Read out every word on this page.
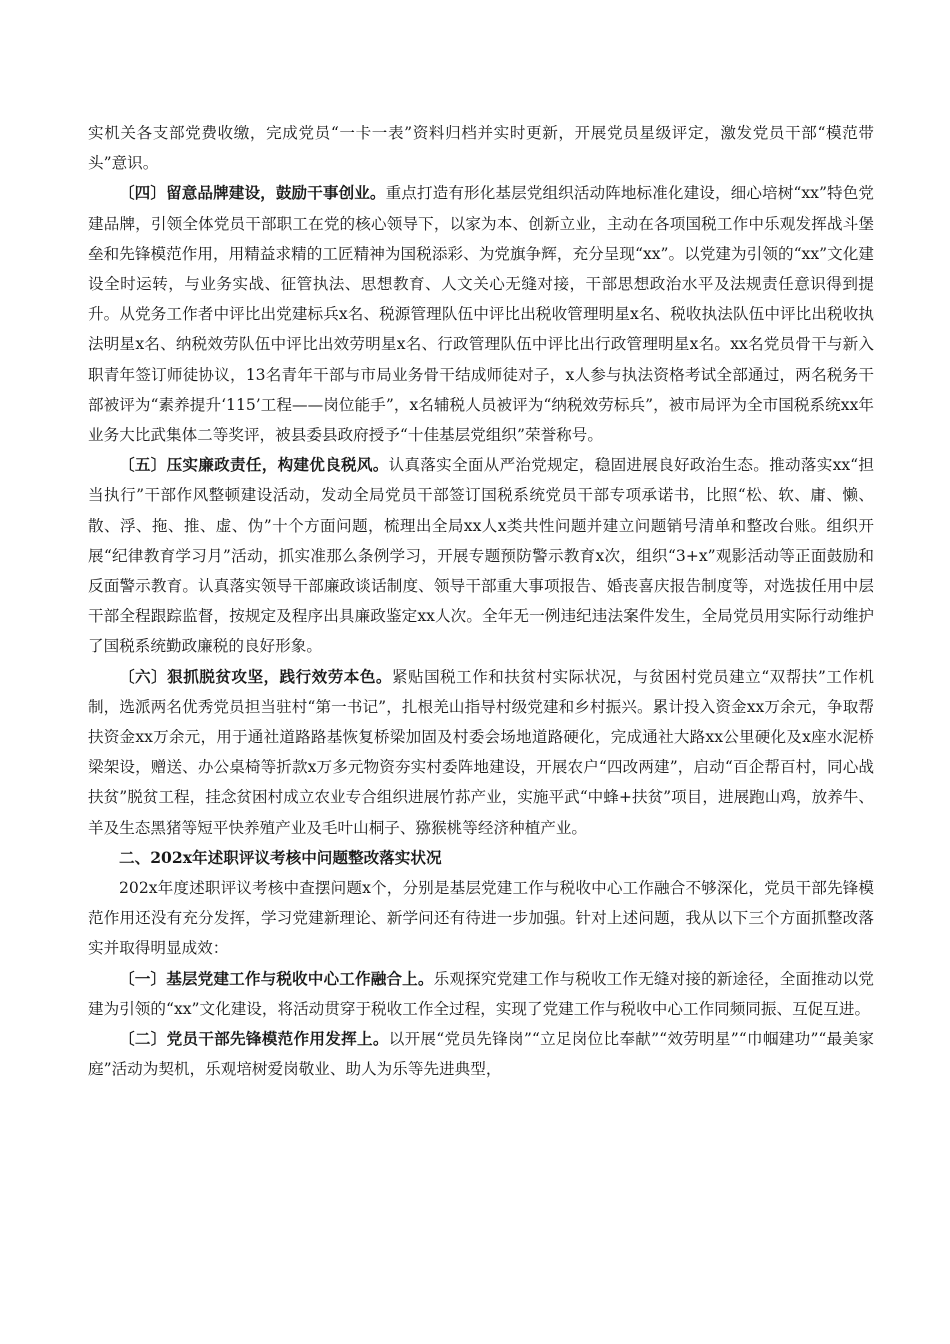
实机关各支部党费收缴，完成党员“一卡一表”资料归档并实时更新，开展党员星级评定，激发党员干部“模范带头”意识。

〔四〕留意品牌建设，鼓励干事创业。重点打造有形化基层党组织活动阵地标准化建设，细心培树“xx”特色党建品牌，引领全体党员干部职工在党的核心领导下，以家为本、创新立业，主动在各项国税工作中乐观发挥战斗堡垒和先锋模范作用，用精益求精的工匠精神为国税添彩、为党旗争辉，充分呈现“xx”。以党建为引领的“xx”文化建设全时运转，与业务实战、征管执法、思想教育、人文关心无缝对接，干部思想政治水平及法规责任意识得到提升。从党务工作者中评比出党建标兵x名、税源管理队伍中评比出税收管理明星x名、税收执法队伍中评比出税收执法明星x名、纳税效劳队伍中评比出效劳明星x名、行政管理队伍中评比出行政管理明星x名。xx名党员骨干与新入职青年签订师徒协议，13名青年干部与市局业务骨干结成师徒对子，x人参与执法资格考试全部通过，两名税务干部被评为“素养提升‘115’工程——岗位能手”，x名辅税人员被评为“纳税效劳标兵”，被市局评为全市国税系统xx年业务大比武集体二等奖评，被县委县政府授予“十佳基层党组织”荣誉称号。

〔五〕压实廉政责任，构建优良税风。认真落实全面从严治党规定，稳固进展良好政治生态。推动落实xx“担当执行”干部作风整顿建设活动，发动全局党员干部签订国税系统党员干部专项承诺书，比照“松、软、庸、懒、散、浮、拖、推、虚、伪”十个方面问题，梳理出全局xx人x类共性问题并建立问题销号清单和整改台账。组织开展“纪律教育学习月”活动，抓实准那么条例学习，开展专题预防警示教育x次，组织“3+x”观影活动等正面鼓励和反面警示教育。认真落实领导干部廉政谈话制度、领导干部重大事项报告、婚丧喜庆报告制度等，对选拔任用中层干部全程跟踪监督，按规定及程序出具廉政鉴定xx人次。全年无一例违纪违法案件发生，全局党员用实际行动维护了国税系统勤政廉税的良好形象。

〔六〕狠抓脱贫攻坚，践行效劳本色。紧贴国税工作和扶贫村实际状况，与贫困村党员建立“双帮扶”工作机制，选派两名优秀党员担当驻村“第一书记”，扎根羌山指导村级党建和乡村振兴。累计投入资金xx万余元，争取帮扶资金xx万余元，用于通社道路路基恢复桥梁加固及村委会场地道路硬化，完成通社大路xx公里硬化及x座水泥桥梁架设，赠送、办公桌椅等折款x万多元物资夯实村委阵地建设，开展农户“四改两建”，启动“百企帮百村，同心战扶贫”脱贫工程，挂念贫困村成立农业专合组织进展竹荪产业，实施平武“中蜂+扶贫”项目，进展跑山鸡，放养牛、羊及生态黑猪等短平快养殖产业及毛叶山桐子、猕猴桃等经济种植产业。

二、202x年述职评议考核中问题整改落实状况

202x年度述职评议考核中查摆问题x个，分别是基层党建工作与税收中心工作融合不够深化，党员干部先锋模范作用还没有充分发挥，学习党建新理论、新学问还有待进一步加强。针对上述问题，我从以下三个方面抓整改落实并取得明显成效：

〔一〕基层党建工作与税收中心工作融合上。乐观探究党建工作与税收工作无缝对接的新途径，全面推动以党建为引领的“xx”文化建设，将活动贯穿于税收工作全过程，实现了党建工作与税收中心工作同频同振、互促互进。

〔二〕党员干部先锋模范作用发挥上。以开展“党员先锋岗”“立足岗位比奉献”“效劳明星”“巾帼建功”“最美家庭”活动为契机，乐观培树爱岗敬业、助人为乐等先进典型，
